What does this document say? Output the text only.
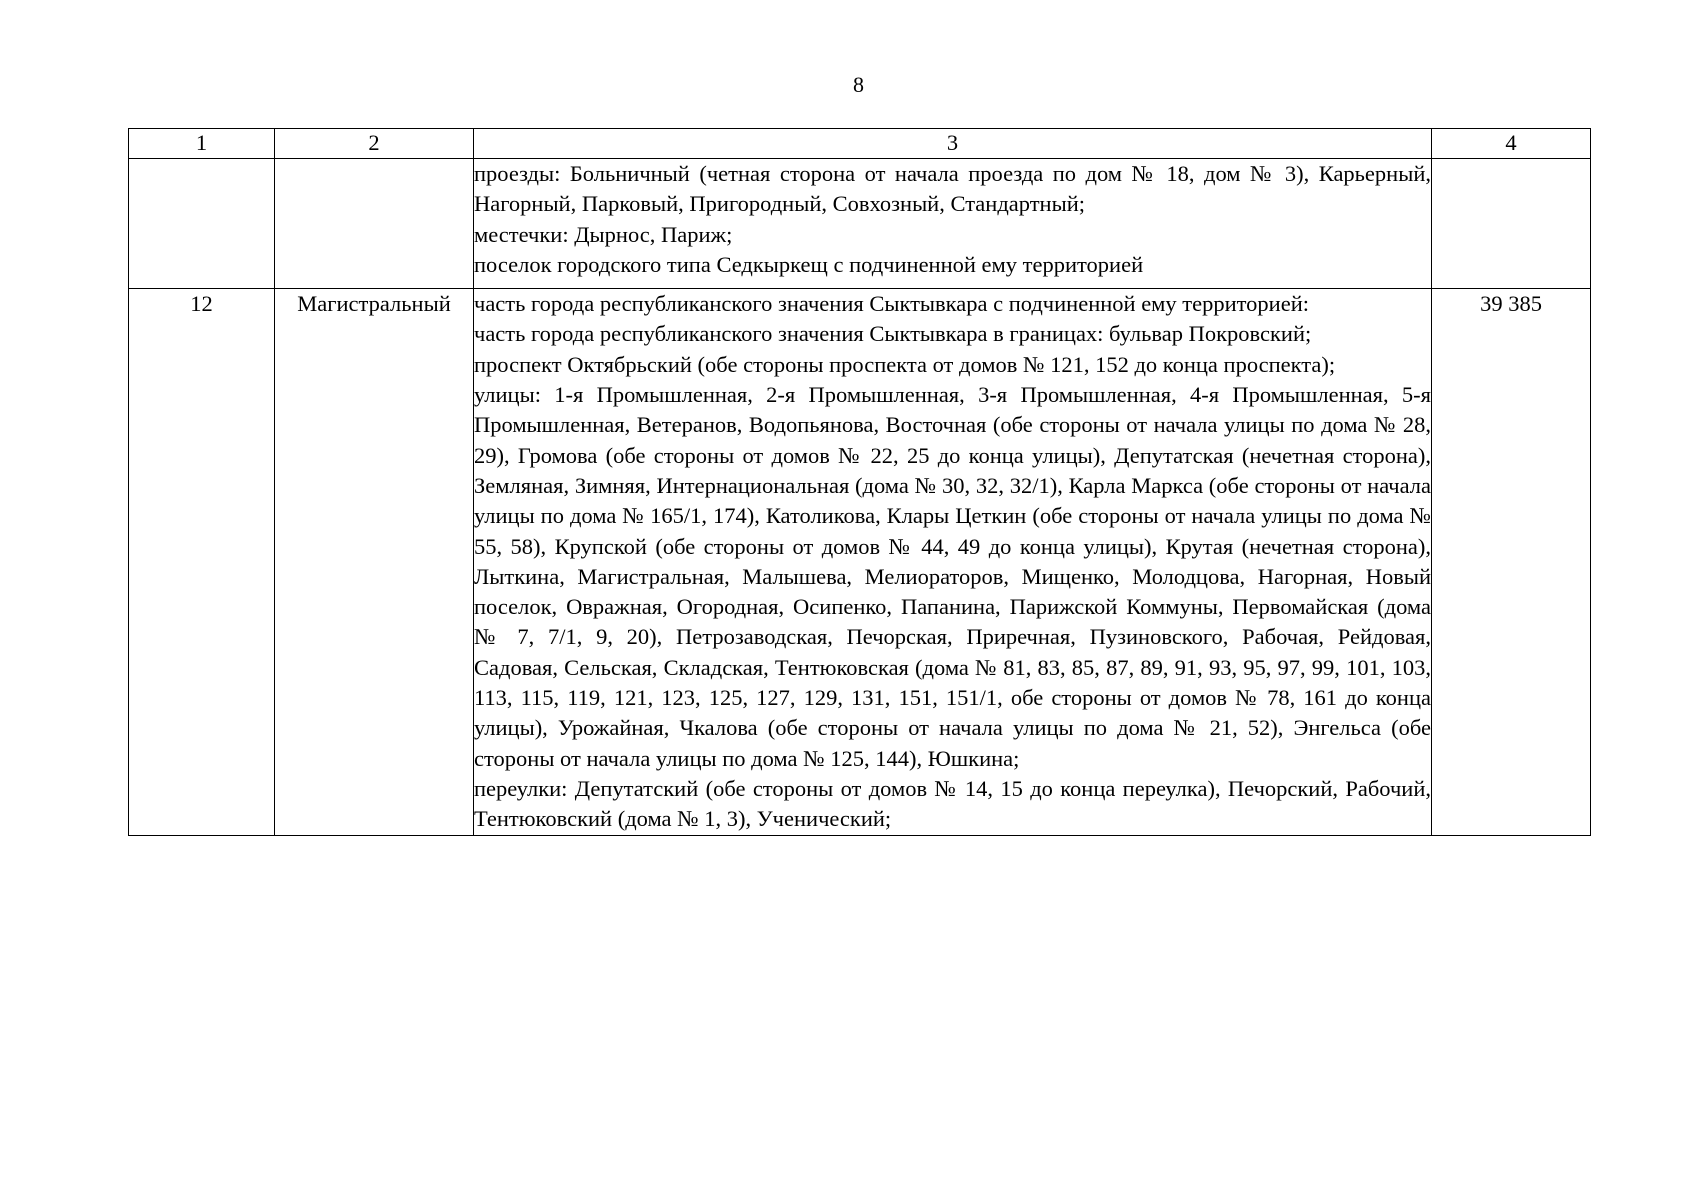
8
1	2	3	4

		проезды: Больничный (четная сторона от начала проезда по дом № 18, дом № 3), Карьерный, Нагорный, Парковый, Пригородный, Совхозный, Стандартный;

местечки: Дырнос, Париж;

поселок городского типа Седкыркещ с подчиненной ему территорией	

12	Магистральный	часть города республиканского значения Сыктывкара с подчиненной ему территорией:

часть города республиканского значения Сыктывкара в границах: бульвар Покровский;

проспект Октябрьский (обе стороны проспекта от домов № 121, 152 до конца проспекта);

улицы: 1-я Промышленная, 2-я Промышленная, 3-я Промышленная, 4-я Промышленная, 5-я Промышленная, Ветеранов, Водопьянова, Восточная (обе стороны от начала улицы по дома № 28, 29), Громова (обе стороны от домов № 22, 25 до конца улицы), Депутатская (нечетная сторона), Земляная, Зимняя, Интернациональная (дома № 30, 32, 32/1), Карла Маркса (обе стороны от начала улицы по дома № 165/1, 174), Католикова, Клары Цеткин (обе стороны от начала улицы по дома № 55, 58), Крупской (обе стороны от домов № 44, 49 до конца улицы), Крутая (нечетная сторона), Лыткина, Магистральная, Малышева, Мелиораторов, Мищенко, Молодцова, Нагорная, Новый поселок, Овражная, Огородная, Осипенко, Папанина, Парижской Коммуны, Первомайская (дома № 7, 7/1, 9, 20), Петрозаводская, Печорская, Приречная, Пузиновского, Рабочая, Рейдовая, Садовая, Сельская, Складская, Тентюковская (дома № 81, 83, 85, 87, 89, 91, 93, 95, 97, 99, 101, 103, 113, 115, 119, 121, 123, 125, 127, 129, 131, 151, 151/1, обе стороны от домов № 78, 161 до конца улицы), Урожайная, Чкалова (обе стороны от начала улицы по дома № 21, 52), Энгельса (обе стороны от начала улицы по дома № 125, 144), Юшкина;

переулки: Депутатский (обе стороны от домов № 14, 15 до конца переулка), Печорский, Рабочий, Тентюковский (дома № 1, 3), Ученический;	39 385
